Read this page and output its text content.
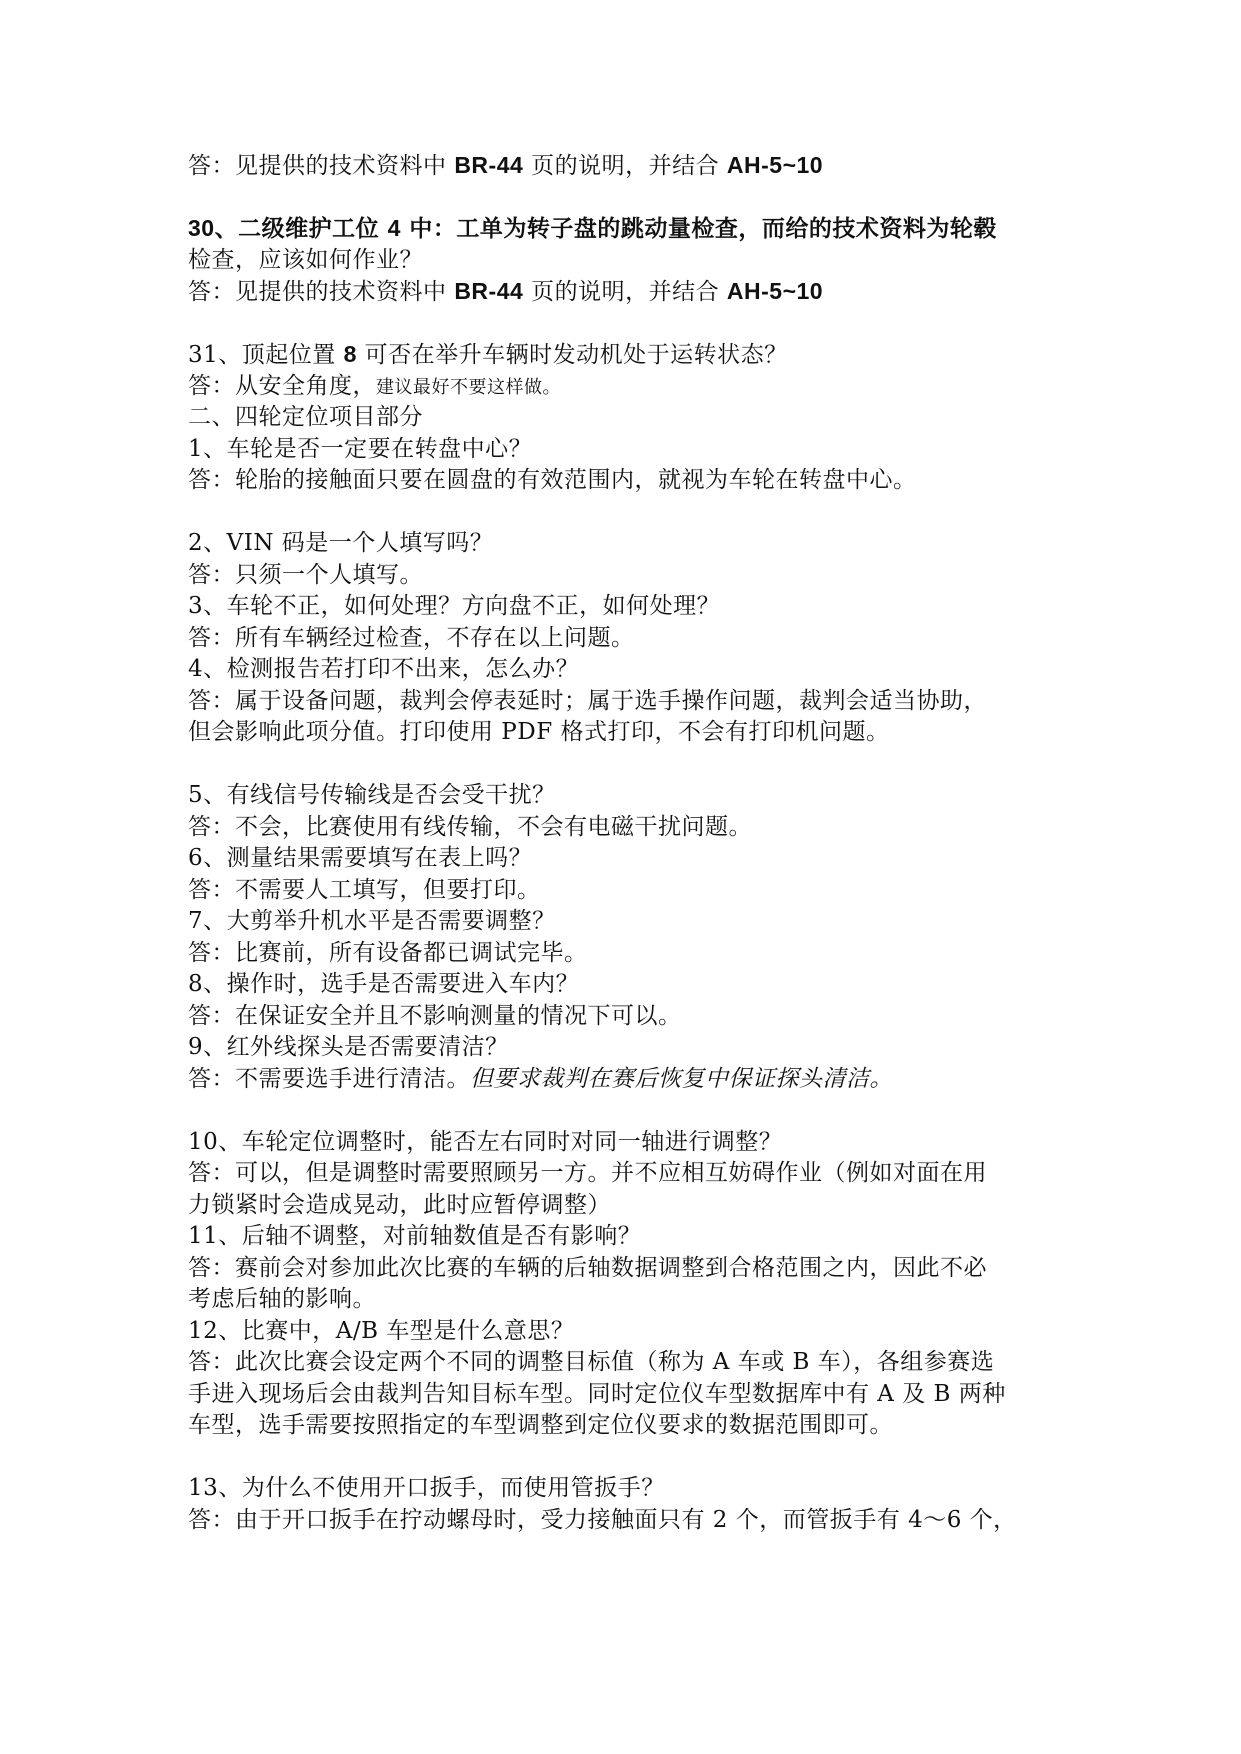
答：见提供的技术资料中 BR-44 页的说明，并结合 AH-5~10

30、二级维护工位 4 中：工单为转子盘的跳动量检查，而给的技术资料为轮毂

检查，应该如何作业？

答：见提供的技术资料中 BR-44 页的说明，并结合 AH-5~10

31、顶起位置 8 可否在举升车辆时发动机处于运转状态？

答：从安全角度，建议最好不要这样做。

二、四轮定位项目部分

1、车轮是否一定要在转盘中心？

答：轮胎的接触面只要在圆盘的有效范围内，就视为车轮在转盘中心。

2、VIN 码是一个人填写吗？

答：只须一个人填写。

3、车轮不正，如何处理？方向盘不正，如何处理？

答：所有车辆经过检查，不存在以上问题。

4、检测报告若打印不出来，怎么办？

答：属于设备问题，裁判会停表延时；属于选手操作问题，裁判会适当协助，

但会影响此项分值。打印使用 PDF 格式打印，不会有打印机问题。

5、有线信号传输线是否会受干扰？

答：不会，比赛使用有线传输，不会有电磁干扰问题。

6、测量结果需要填写在表上吗？

答：不需要人工填写，但要打印。

7、大剪举升机水平是否需要调整？

答：比赛前，所有设备都已调试完毕。

8、操作时，选手是否需要进入车内？

答：在保证安全并且不影响测量的情况下可以。

9、红外线探头是否需要清洁？

答：不需要选手进行清洁。但要求裁判在赛后恢复中保证探头清洁。

10、车轮定位调整时，能否左右同时对同一轴进行调整？

答：可以，但是调整时需要照顾另一方。并不应相互妨碍作业（例如对面在用

力锁紧时会造成晃动，此时应暂停调整）

11、后轴不调整，对前轴数值是否有影响？

答：赛前会对参加此次比赛的车辆的后轴数据调整到合格范围之内，因此不必

考虑后轴的影响。

12、比赛中，A/B 车型是什么意思？

答：此次比赛会设定两个不同的调整目标值（称为 A 车或 B 车），各组参赛选

手进入现场后会由裁判告知目标车型。同时定位仪车型数据库中有 A 及 B 两种

车型，选手需要按照指定的车型调整到定位仪要求的数据范围即可。

13、为什么不使用开口扳手，而使用管扳手？

答：由于开口扳手在拧动螺母时，受力接触面只有 2 个，而管扳手有 4～6 个，
